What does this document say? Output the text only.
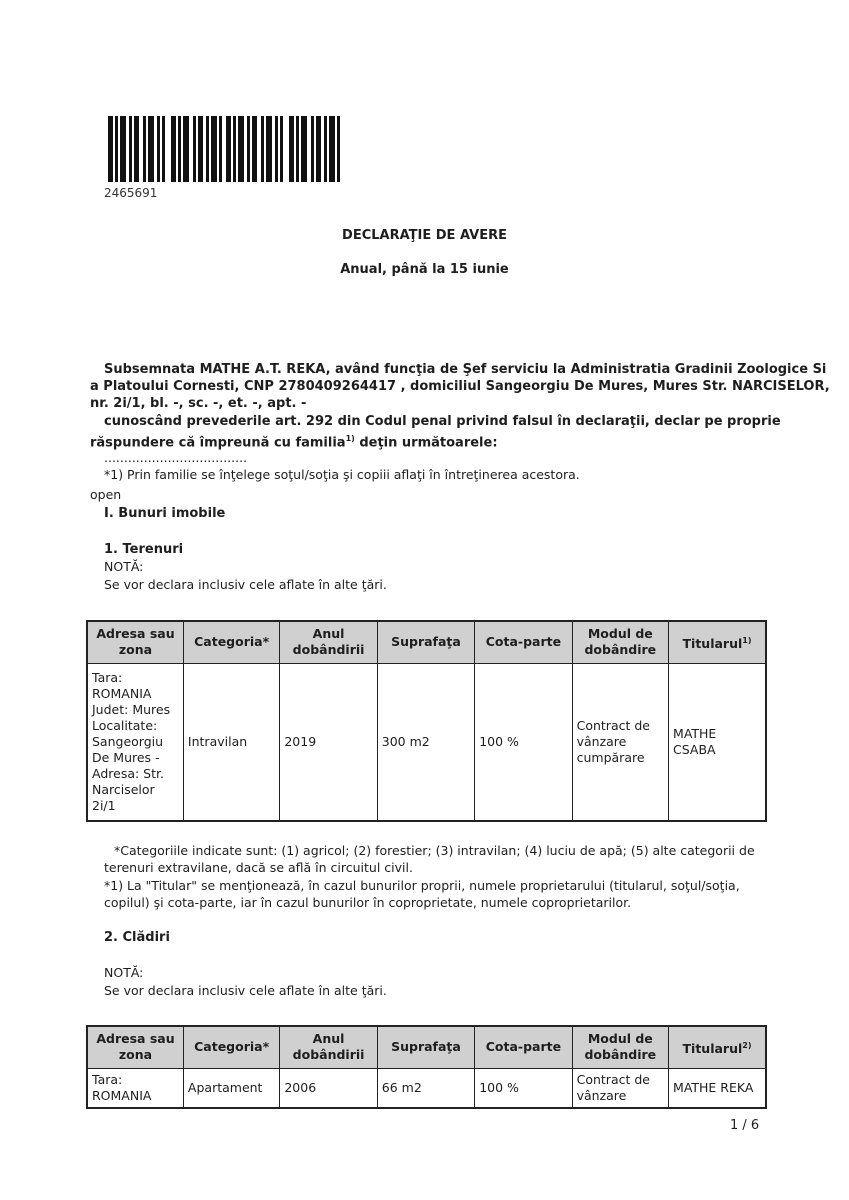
2465691
DECLARAŢIE DE AVERE
Anual, până la 15 iunie
Subsemnata MATHE A.T. REKA, având funcţia de Şef serviciu la Administratia Gradinii Zoologice Si
a Platoului Cornesti, CNP 2780409264417 , domiciliul Sangeorgiu De Mures, Mures Str. NARCISELOR,
nr. 2i/1, bl. -, sc. -, et. -, apt. -
cunoscând prevederile art. 292 din Codul penal privind falsul în declaraţii, declar pe proprie
răspundere că împreună cu familia$^{1)}$ deţin următoarele:
....................................
*1) Prin familie se înţelege soţul/soţia şi copiii aflaţi în întreţinerea acestora.
open
I. Bunuri imobile
1. Terenuri
NOTĂ:
Se vor declara inclusiv cele aflate în alte ţări.
Adresa sau zona	Categoria*	Anul dobândirii	Suprafaţa	Cota-parte	Modul de dobândire	Titularul$^{1)}$
Tara: ROMANIA Judet: Mures Localitate: Sangeorgiu De Mures - Adresa: Str. Narciselor 2i/1	Intravilan	2019	300 m2	100 %	Contract de vânzare cumpărare	MATHE CSABA
*Categoriile indicate sunt: (1) agricol; (2) forestier; (3) intravilan; (4) luciu de apă; (5) alte categorii de
terenuri extravilane, dacă se află în circuitul civil.
*1) La "Titular" se menţionează, în cazul bunurilor proprii, numele proprietarului (titularul, soţul/soţia,
copilul) şi cota-parte, iar în cazul bunurilor în coproprietate, numele coproprietarilor.
2. Clădiri
NOTĂ:
Se vor declara inclusiv cele aflate în alte ţări.
Adresa sau zona	Categoria*	Anul dobândirii	Suprafaţa	Cota-parte	Modul de dobândire	Titularul$^{2)}$
Tara: ROMANIA	Apartament	2006	66 m2	100 %	Contract de vânzare	MATHE REKA
1 / 6
